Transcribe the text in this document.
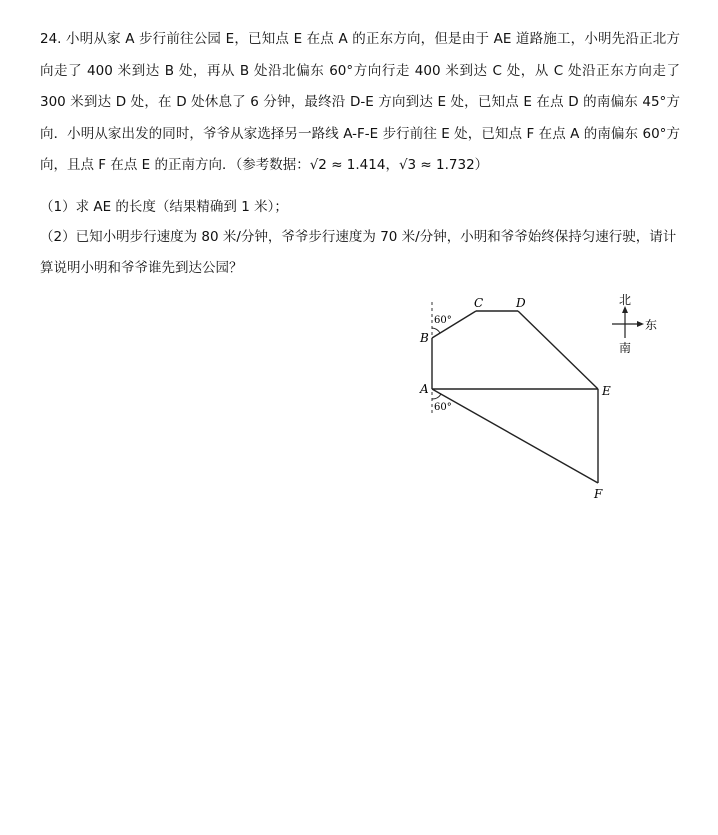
24. 小明从家 A 步行前往公园 E，已知点 E 在点 A 的正东方向，但是由于 AE 道路施工，小明先沿正北方向走了 400 米到达 B 处，再从 B 处沿北偏东 60°方向行走 400 米到达 C 处，从 C 处沿正东方向走了 300 米到达 D 处，在 D 处休息了 6 分钟，最终沿 D-E 方向到达 E 处，已知点 E 在点 D 的南偏东 45°方向．小明从家出发的同时，爷爷从家选择另一路线 A-F-E 步行前往 E 处，已知点 F 在点 A 的南偏东 60°方向，且点 F 在点 E 的正南方向．（参考数据：√2 ≈ 1.414，√3 ≈ 1.732）
（1）求 AE 的长度（结果精确到 1 米）；
（2）已知小明步行速度为 80 米/分钟，爷爷步行速度为 70 米/分钟，小明和爷爷始终保持匀速行驶，请计算说明小明和爷爷谁先到达公园？
C	D
B
A	E
F
60°
60°
北
东
南
